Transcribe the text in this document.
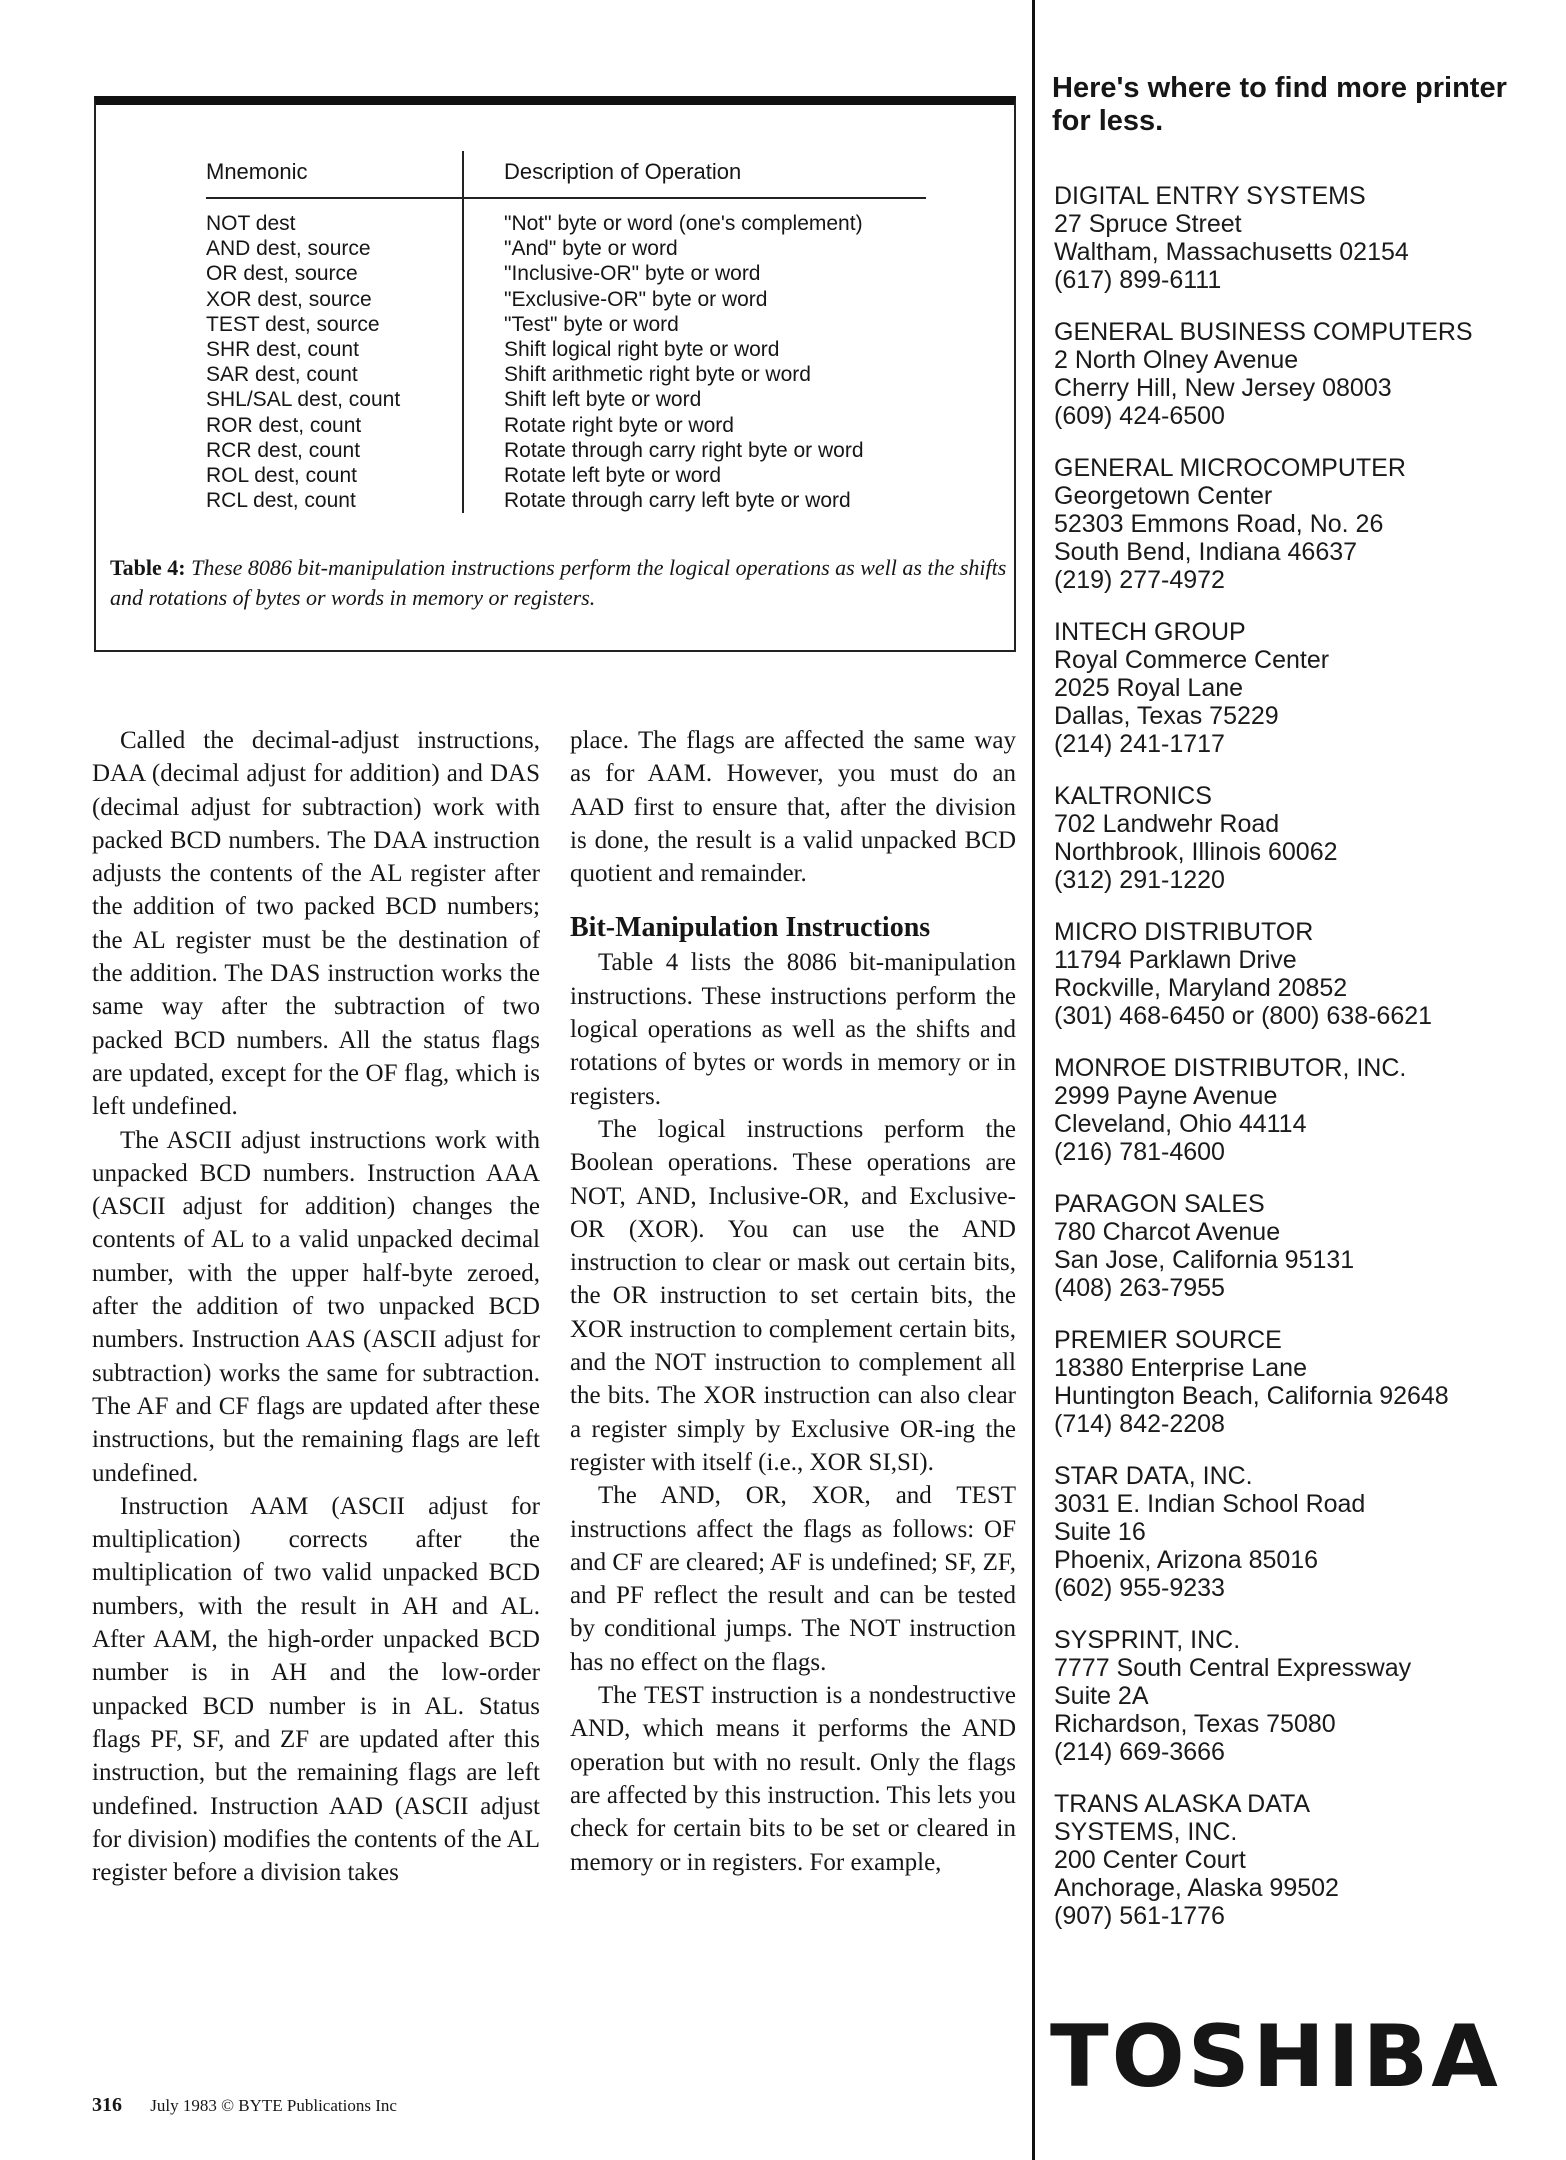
Mnemonic	Description of Operation
NOT dest
AND dest, source
OR dest, source
XOR dest, source
TEST dest, source
SHR dest, count
SAR dest, count
SHL/SAL dest, count
ROR dest, count
RCR dest, count
ROL dest, count
RCL dest, count
"Not" byte or word (one's complement)
"And" byte or word
"Inclusive-OR" byte or word
"Exclusive-OR" byte or word
"Test" byte or word
Shift logical right byte or word
Shift arithmetic right byte or word
Shift left byte or word
Rotate right byte or word
Rotate through carry right byte or word
Rotate left byte or word
Rotate through carry left byte or word
Table 4: These 8086 bit-manipulation instructions perform the logical operations as well as the shifts and rotations of bytes or words in memory or registers.

Called the decimal-adjust instructions, DAA (decimal adjust for addition) and DAS (decimal adjust for subtraction) work with packed BCD numbers. The DAA instruction adjusts the contents of the AL register after the addition of two packed BCD numbers; the AL register must be the destination of the addition. The DAS instruction works the same way after the subtraction of two packed BCD numbers. All the status flags are updated, except for the OF flag, which is left undefined.

The ASCII adjust instructions work with unpacked BCD numbers. Instruction AAA (ASCII adjust for addition) changes the contents of AL to a valid unpacked decimal number, with the upper half-byte zeroed, after the addition of two unpacked BCD numbers. Instruction AAS (ASCII adjust for subtraction) works the same for subtraction. The AF and CF flags are updated after these instructions, but the remaining flags are left undefined.

Instruction AAM (ASCII adjust for multiplication) corrects after the multiplication of two valid unpacked BCD numbers, with the result in AH and AL. After AAM, the high-order unpacked BCD number is in AH and the low-order unpacked BCD number is in AL. Status flags PF, SF, and ZF are updated after this instruction, but the remaining flags are left undefined. Instruction AAD (ASCII adjust for division) modifies the contents of the AL register before a division takes

place. The flags are affected the same way as for AAM. However, you must do an AAD first to ensure that, after the division is done, the result is a valid unpacked BCD quotient and remainder.

Bit-Manipulation Instructions

Table 4 lists the 8086 bit-manipulation instructions. These instructions perform the logical operations as well as the shifts and rotations of bytes or words in memory or in registers.

The logical instructions perform the Boolean operations. These operations are NOT, AND, Inclusive-OR, and Exclusive-OR (XOR). You can use the AND instruction to clear or mask out certain bits, the OR instruction to set certain bits, the XOR instruction to complement certain bits, and the NOT instruction to complement all the bits. The XOR instruction can also clear a register simply by Exclusive OR-ing the register with itself (i.e., XOR SI,SI).

The AND, OR, XOR, and TEST instructions affect the flags as follows: OF and CF are cleared; AF is undefined; SF, ZF, and PF reflect the result and can be tested by conditional jumps. The NOT instruction has no effect on the flags.

The TEST instruction is a nondestructive AND, which means it performs the AND operation but with no result. Only the flags are affected by this instruction. This lets you check for certain bits to be set or cleared in memory or in registers. For example,

316 July 1983 © BYTE Publications Inc
Here's where to find more printer for less.
DIGITAL ENTRY SYSTEMS
27 Spruce Street
Waltham, Massachusetts 02154
(617) 899-6111
GENERAL BUSINESS COMPUTERS
2 North Olney Avenue
Cherry Hill, New Jersey 08003
(609) 424-6500
GENERAL MICROCOMPUTER
Georgetown Center
52303 Emmons Road, No. 26
South Bend, Indiana 46637
(219) 277-4972
INTECH GROUP
Royal Commerce Center
2025 Royal Lane
Dallas, Texas 75229
(214) 241-1717
KALTRONICS
702 Landwehr Road
Northbrook, Illinois 60062
(312) 291-1220
MICRO DISTRIBUTOR
11794 Parklawn Drive
Rockville, Maryland 20852
(301) 468-6450 or (800) 638-6621
MONROE DISTRIBUTOR, INC.
2999 Payne Avenue
Cleveland, Ohio 44114
(216) 781-4600
PARAGON SALES
780 Charcot Avenue
San Jose, California 95131
(408) 263-7955
PREMIER SOURCE
18380 Enterprise Lane
Huntington Beach, California 92648
(714) 842-2208
STAR DATA, INC.
3031 E. Indian School Road
Suite 16
Phoenix, Arizona 85016
(602) 955-9233
SYSPRINT, INC.
7777 South Central Expressway
Suite 2A
Richardson, Texas 75080
(214) 669-3666
TRANS ALASKA DATA
SYSTEMS, INC.
200 Center Court
Anchorage, Alaska 99502
(907) 561-1776
TOSHIBA
